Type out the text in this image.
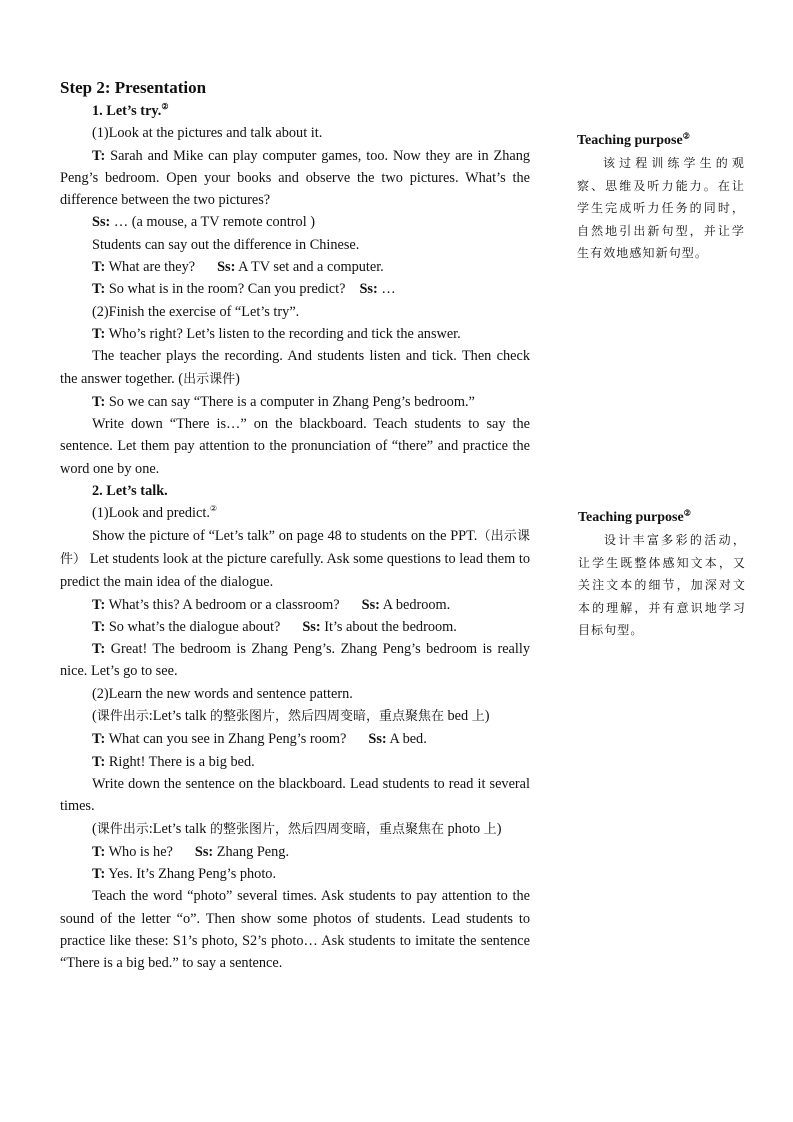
Step 2: Presentation

1. Let’s try.②

(1)Look at the pictures and talk about it.

T: Sarah and Mike can play computer games, too. Now they are in Zhang Peng’s bedroom. Open your books and observe the two pictures. What’s the difference between the two pictures?

Ss: … (a mouse, a TV remote control )

Students can say out the difference in Chinese.

T: What are they? Ss: A TV set and a computer.

T: So what is in the room? Can you predict? Ss: …

(2)Finish the exercise of “Let’s try”.

T: Who’s right? Let’s listen to the recording and tick the answer.

The teacher plays the recording. And students listen and tick. Then check the answer together. (出示课件)

T: So we can say “There is a computer in Zhang Peng’s bedroom.”

Write down “There is…” on the blackboard. Teach students to say the sentence. Let them pay attention to the pronunciation of “there” and practice the word one by one.

2. Let’s talk.

(1)Look and predict.②

Show the picture of “Let’s talk” on page 48 to students on the PPT.（出示课件） Let students look at the picture carefully. Ask some questions to lead them to predict the main idea of the dialogue.

T: What’s this? A bedroom or a classroom? Ss: A bedroom.

T: So what’s the dialogue about? Ss: It’s about the bedroom.

T: Great! The bedroom is Zhang Peng’s. Zhang Peng’s bedroom is really nice. Let’s go to see.

(2)Learn the new words and sentence pattern.

(课件出示:Let’s talk 的整张图片，然后四周变暗，重点聚焦在 bed 上)

T: What can you see in Zhang Peng’s room? Ss: A bed.

T: Right! There is a big bed.

Write down the sentence on the blackboard. Lead students to read it several times.

(课件出示:Let’s talk 的整张图片，然后四周变暗，重点聚焦在 photo 上)

T: Who is he? Ss: Zhang Peng.

T: Yes. It’s Zhang Peng’s photo.

Teach the word “photo” several times. Ask students to pay attention to the sound of the letter “o”. Then show some photos of students. Lead students to practice like these: S1’s photo, S2’s photo… Ask students to imitate the sentence “There is a big bed.” to say a sentence.

Teaching purpose②

该过程训练学生的观察、思维及听力能力。在让学生完成听力任务的同时，自然地引出新句型，并让学生有效地感知新句型。

Teaching purpose②

设计丰富多彩的活动，让学生既整体感知文本，又关注文本的细节，加深对文本的理解，并有意识地学习目标句型。
